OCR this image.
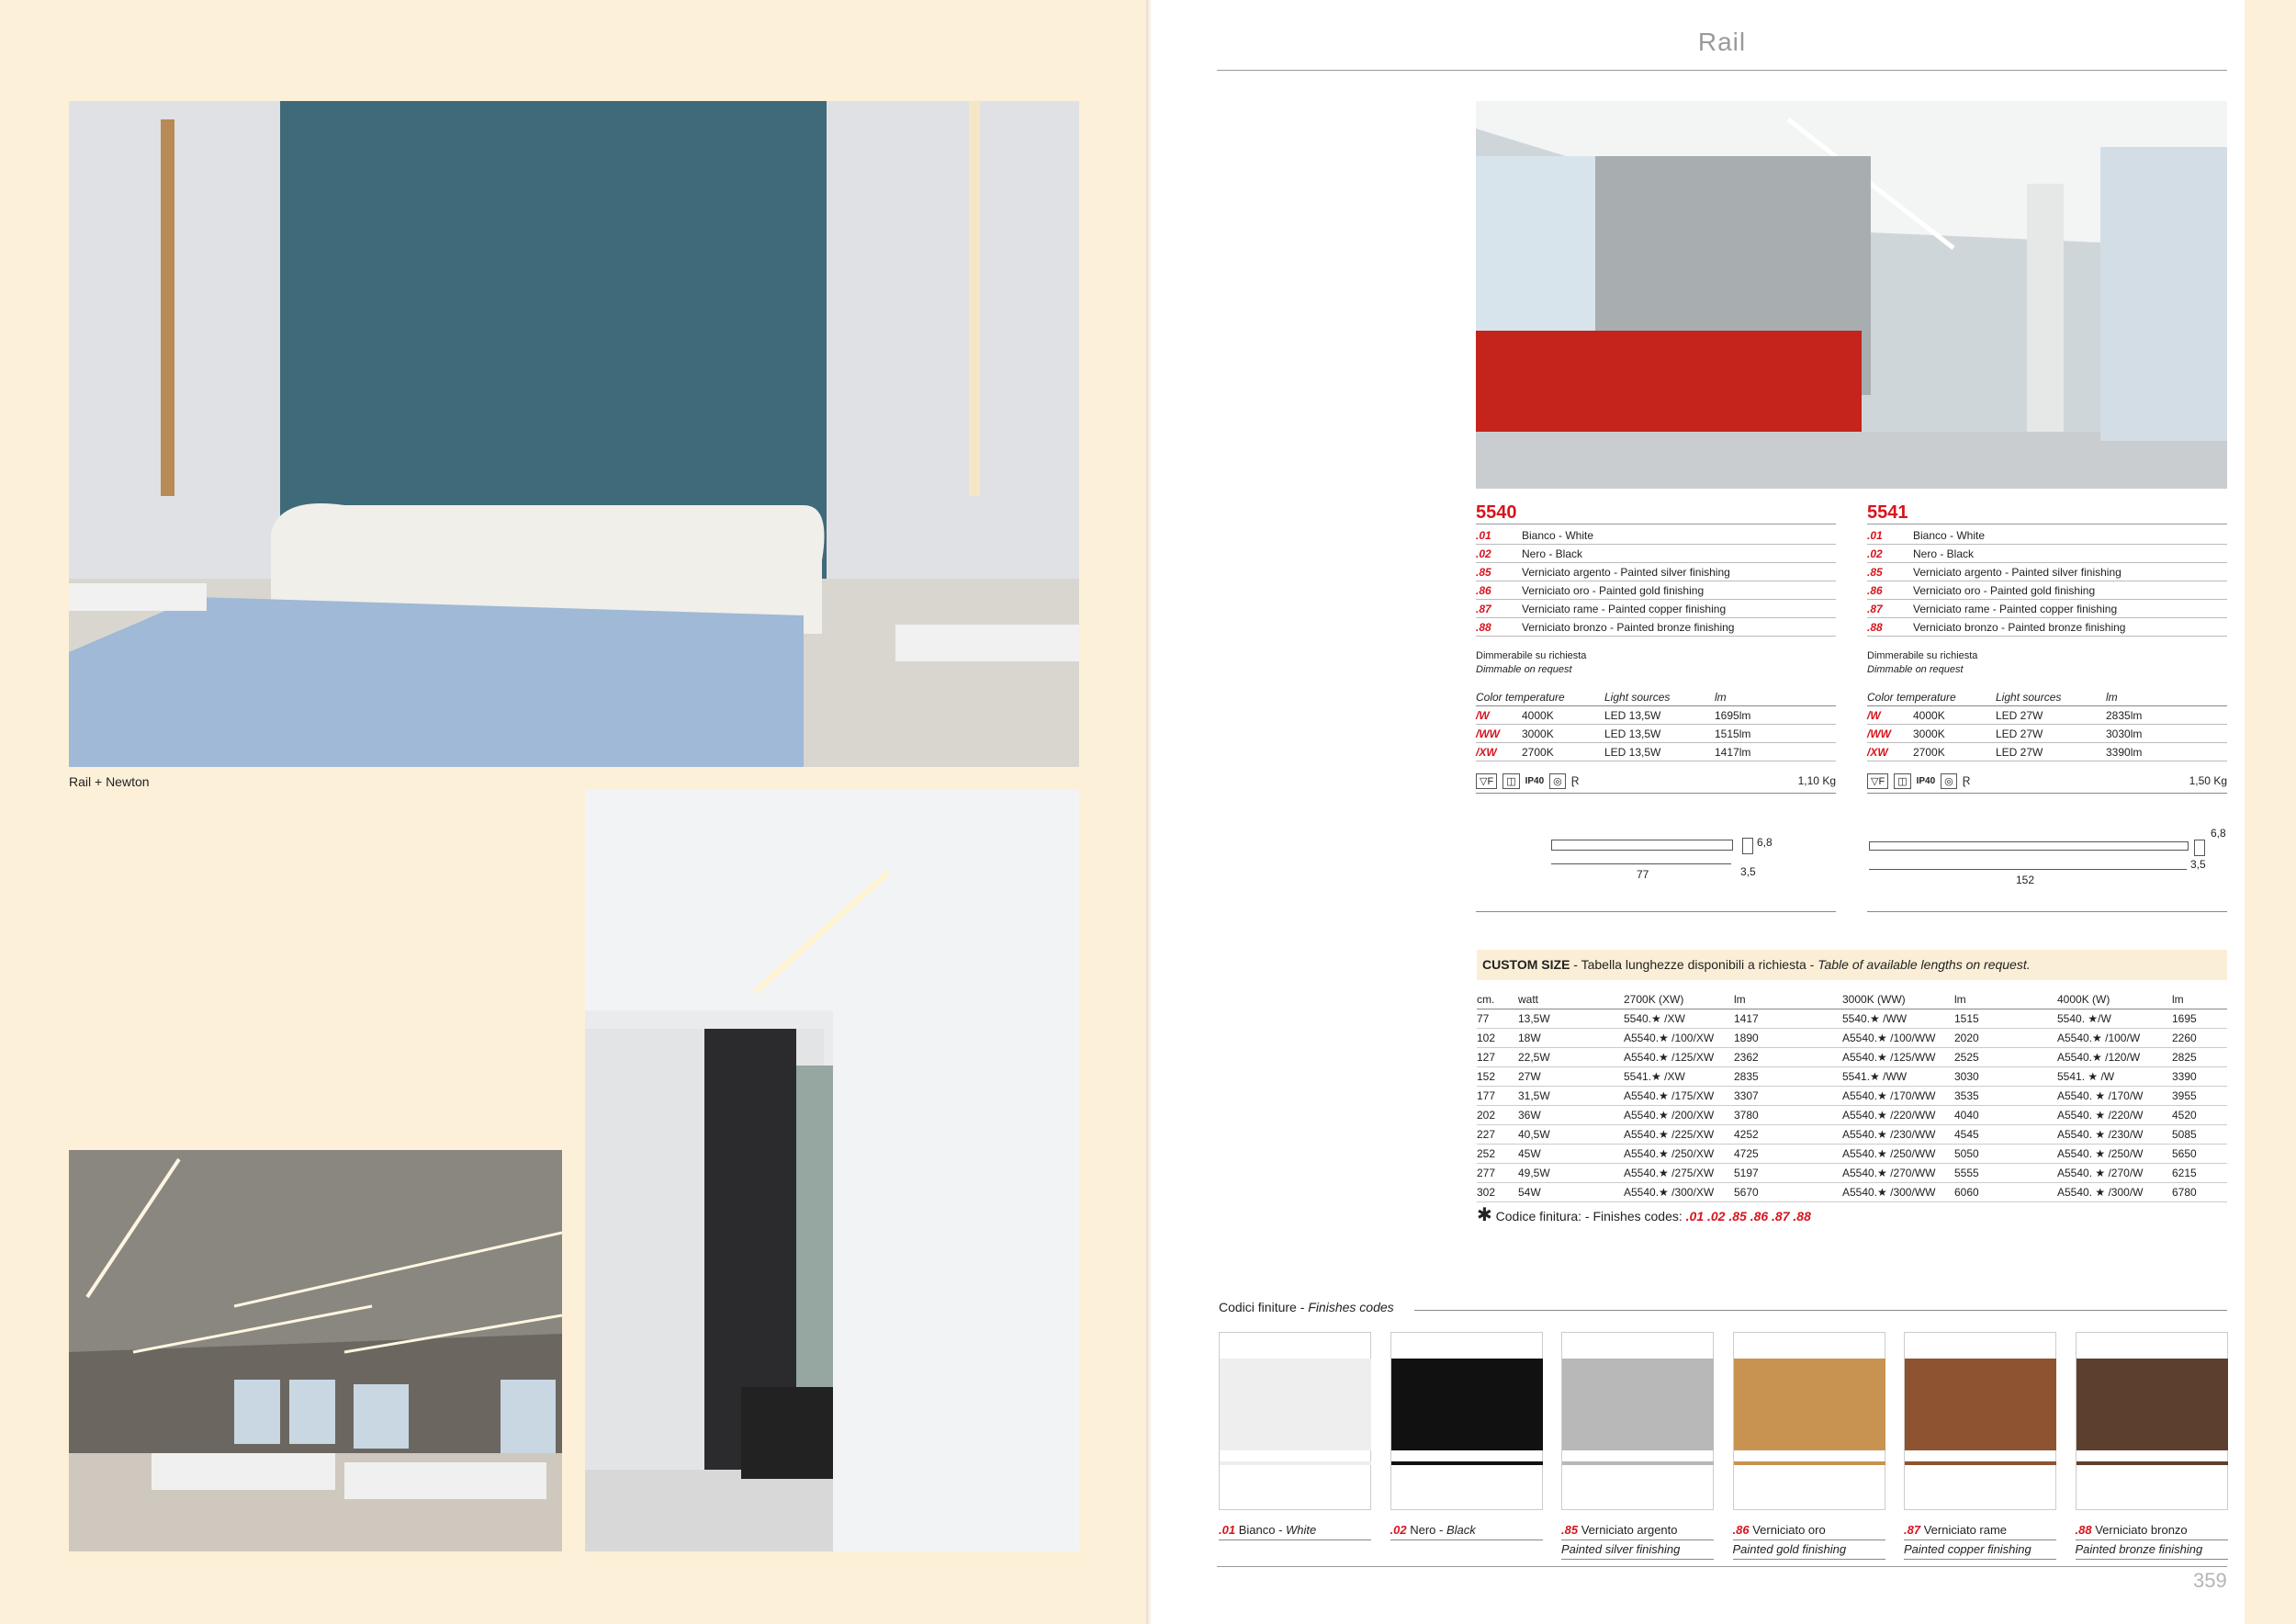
Rail + Newton
Rail
5540
.01	Bianco - White
.02	Nero - Black
.85	Verniciato argento - Painted silver finishing
.86	Verniciato oro - Painted gold finishing
.87	Verniciato rame - Painted copper finishing
.88	Verniciato bronzo - Painted bronze finishing
Dimmerabile su richiesta
Dimmable on request
Color temperature	Light sources	lm
/W	4000K	LED 13,5W	1695lm
/WW	3000K	LED 13,5W	1515lm
/XW	2700K	LED 13,5W	1417lm
▽F	◫	IP40 ◎ Ɽ	1,10 Kg
5541
.01	Bianco - White
.02	Nero - Black
.85	Verniciato argento - Painted silver finishing
.86	Verniciato oro - Painted gold finishing
.87	Verniciato rame - Painted copper finishing
.88	Verniciato bronzo - Painted bronze finishing
Dimmerabile su richiesta
Dimmable on request
Color temperature	Light sources	lm
/W	4000K	LED 27W	2835lm
/WW	3000K	LED 27W	3030lm
/XW	2700K	LED 27W	3390lm
▽F	◫	IP40 ◎ Ɽ	1,50 Kg
77	3,5
6,8
152
3,5
6,8
CUSTOM SIZE - Tabella lunghezze disponibili a richiesta - Table of available lengths on request.
cm.	watt	2700K (XW)	lm	3000K (WW)	lm	4000K (W)	lm
77	13,5W	5540.★ /XW	1417	5540.★ /WW	1515	5540. ★/W	1695
102	18W	A5540.★ /100/XW	1890	A5540.★ /100/WW	2020	A5540.★ /100/W	2260
127	22,5W	A5540.★ /125/XW	2362	A5540.★ /125/WW	2525	A5540.★ /120/W	2825
152	27W	5541.★ /XW	2835	5541.★ /WW	3030	5541. ★ /W	3390
177	31,5W	A5540.★ /175/XW	3307	A5540.★ /170/WW	3535	A5540. ★ /170/W	3955
202	36W	A5540.★ /200/XW	3780	A5540.★ /220/WW	4040	A5540. ★ /220/W	4520
227	40,5W	A5540.★ /225/XW	4252	A5540.★ /230/WW	4545	A5540. ★ /230/W	5085
252	45W	A5540.★ /250/XW	4725	A5540.★ /250/WW	5050	A5540. ★ /250/W	5650
277	49,5W	A5540.★ /275/XW	5197	A5540.★ /270/WW	5555	A5540. ★ /270/W	6215
302	54W	A5540.★ /300/XW	5670	A5540.★ /300/WW	6060	A5540. ★ /300/W	6780
✱ Codice finitura: - Finishes codes: .01 .02 .85 .86 .87 .88
Codici finiture - Finishes codes
359
.01 Bianco - White	.02 Nero - Black	.85 Verniciato argento
Painted silver finishing
.86 Verniciato oro
Painted gold finishing
.87 Verniciato rame
Painted copper finishing
.88 Verniciato bronzo
Painted bronze finishing
